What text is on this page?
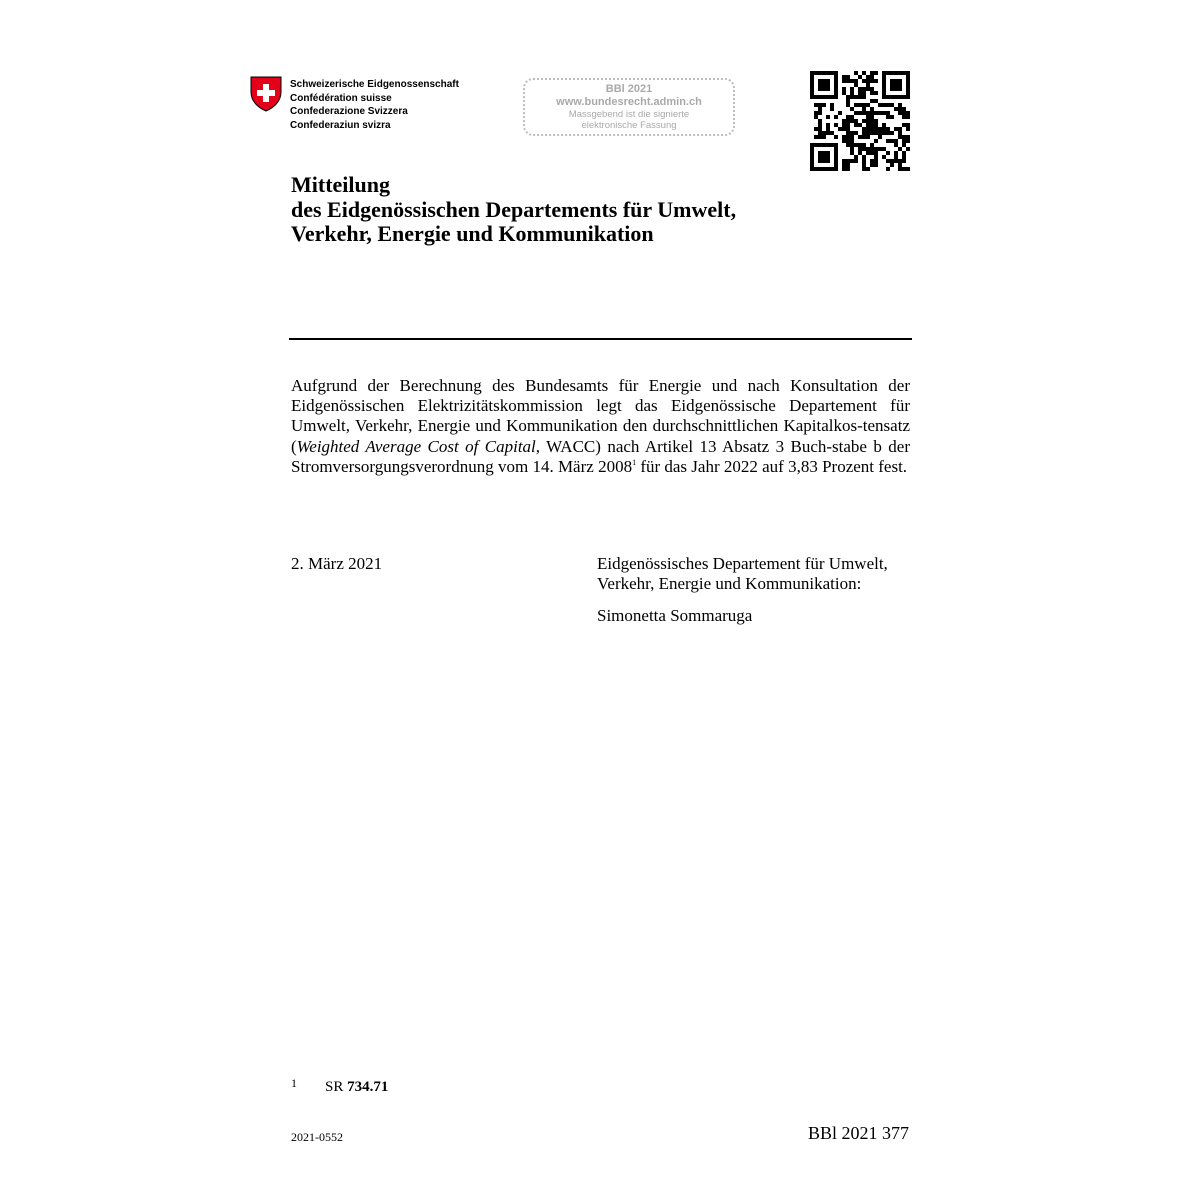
Schweizerische Eidgenossenschaft
Confédération suisse
Confederazione Svizzera
Confederaziun svizra
BBl 2021
www.bundesrecht.admin.ch
Massgebend ist die signierte
elektronische Fassung
Mitteilung
des Eidgenössischen Departements für Umwelt,
Verkehr, Energie und Kommunikation
Aufgrund der Berechnung des Bundesamts für Energie und nach Konsultation der Eidgenössischen Elektrizitätskommission legt das Eidgenössische Departement für Umwelt, Verkehr, Energie und Kommunikation den durchschnittlichen Kapitalkos-tensatz (Weighted Average Cost of Capital, WACC) nach Artikel 13 Absatz 3 Buch-stabe b der Stromversorgungsverordnung vom 14. März 2008$^1$ für das Jahr 2022 auf 3,83 Prozent fest.
2. März 2021	Eidgenössisches Departement für Umwelt,
Verkehr, Energie und Kommunikation:
Simonetta Sommaruga
1 SR 734.71
2021-0552	BBl 2021 377
